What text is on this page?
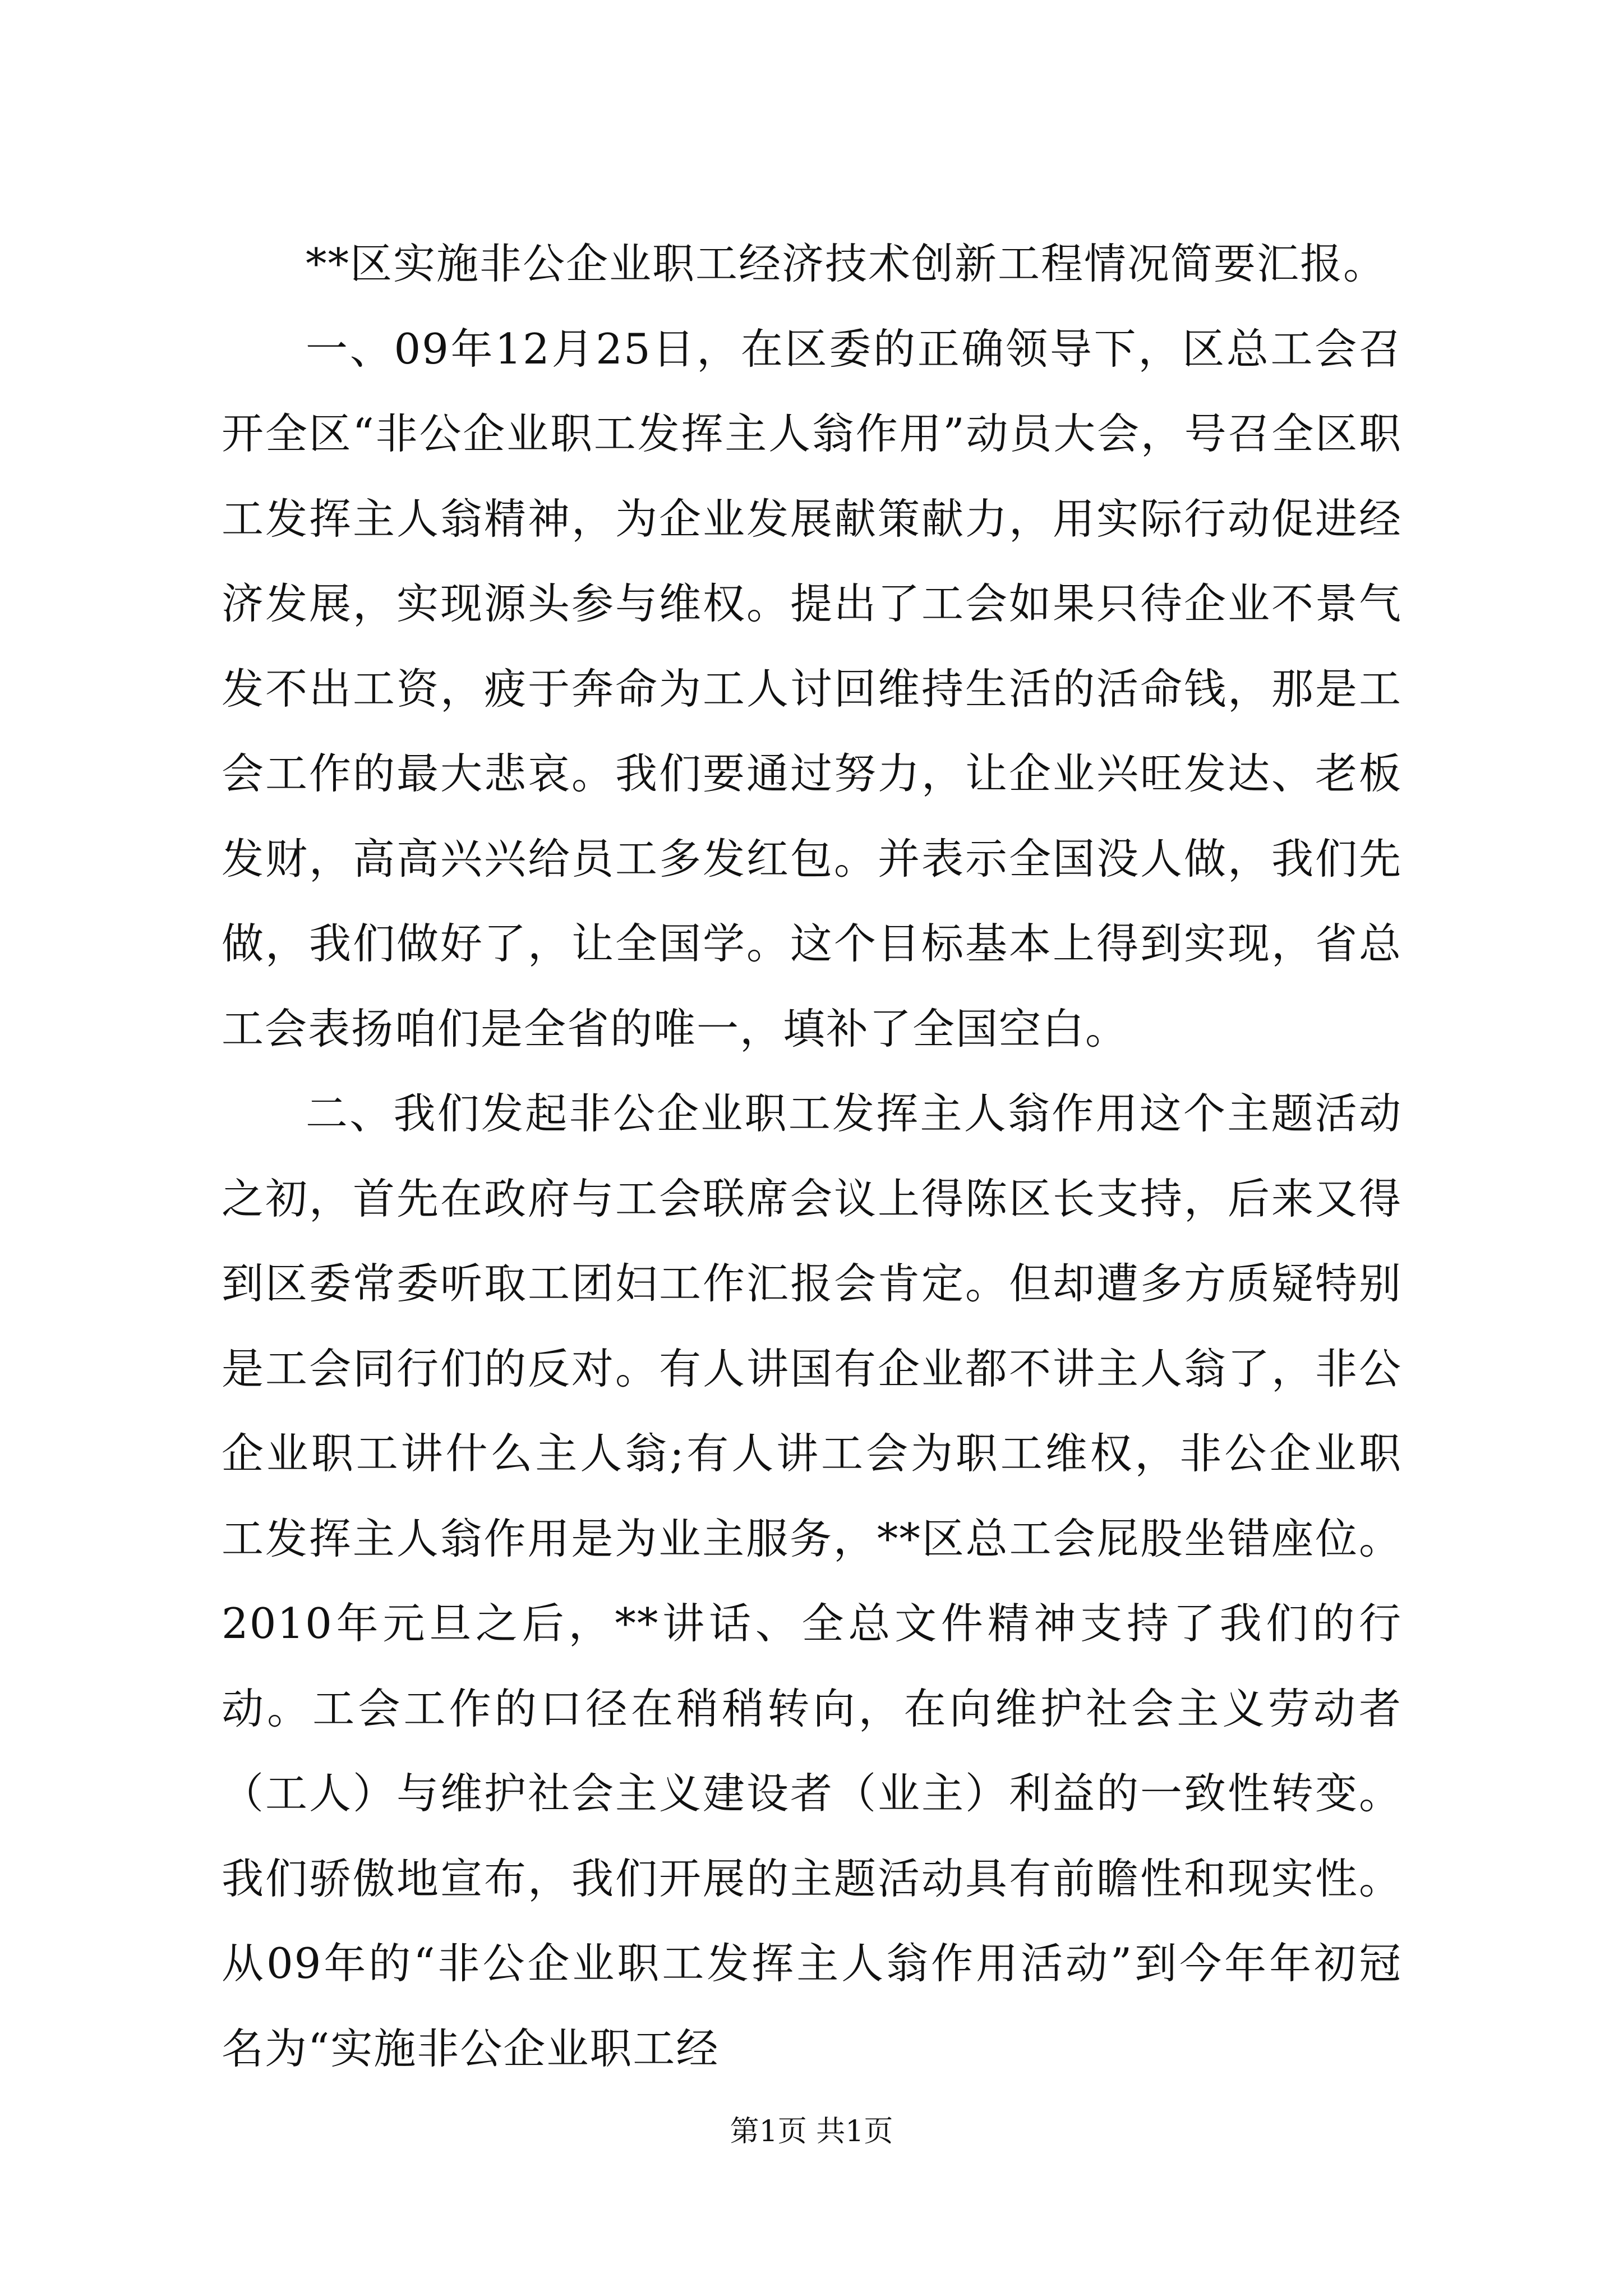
**区实施非公企业职工经济技术创新工程情况简要汇报。

一、09年12月25日，在区委的正确领导下，区总工会召开全区“非公企业职工发挥主人翁作用”动员大会，号召全区职工发挥主人翁精神，为企业发展献策献力，用实际行动促进经济发展，实现源头参与维权。提出了工会如果只待企业不景气发不出工资，疲于奔命为工人讨回维持生活的活命钱，那是工会工作的最大悲哀。我们要通过努力，让企业兴旺发达、老板发财，高高兴兴给员工多发红包。并表示全国没人做，我们先做，我们做好了，让全国学。这个目标基本上得到实现，省总工会表扬咱们是全省的唯一，填补了全国空白。

二、我们发起非公企业职工发挥主人翁作用这个主题活动之初，首先在政府与工会联席会议上得陈区长支持，后来又得到区委常委听取工团妇工作汇报会肯定。但却遭多方质疑特别是工会同行们的反对。有人讲国有企业都不讲主人翁了，非公企业职工讲什么主人翁;有人讲工会为职工维权，非公企业职工发挥主人翁作用是为业主服务，**区总工会屁股坐错座位。2010年元旦之后，**讲话、全总文件精神支持了我们的行动。工会工作的口径在稍稍转向，在向维护社会主义劳动者（工人）与维护社会主义建设者（业主）利益的一致性转变。我们骄傲地宣布，我们开展的主题活动具有前瞻性和现实性。从09年的“非公企业职工发挥主人翁作用活动”到今年年初冠名为“实施非公企业职工经

第1页 共1页
